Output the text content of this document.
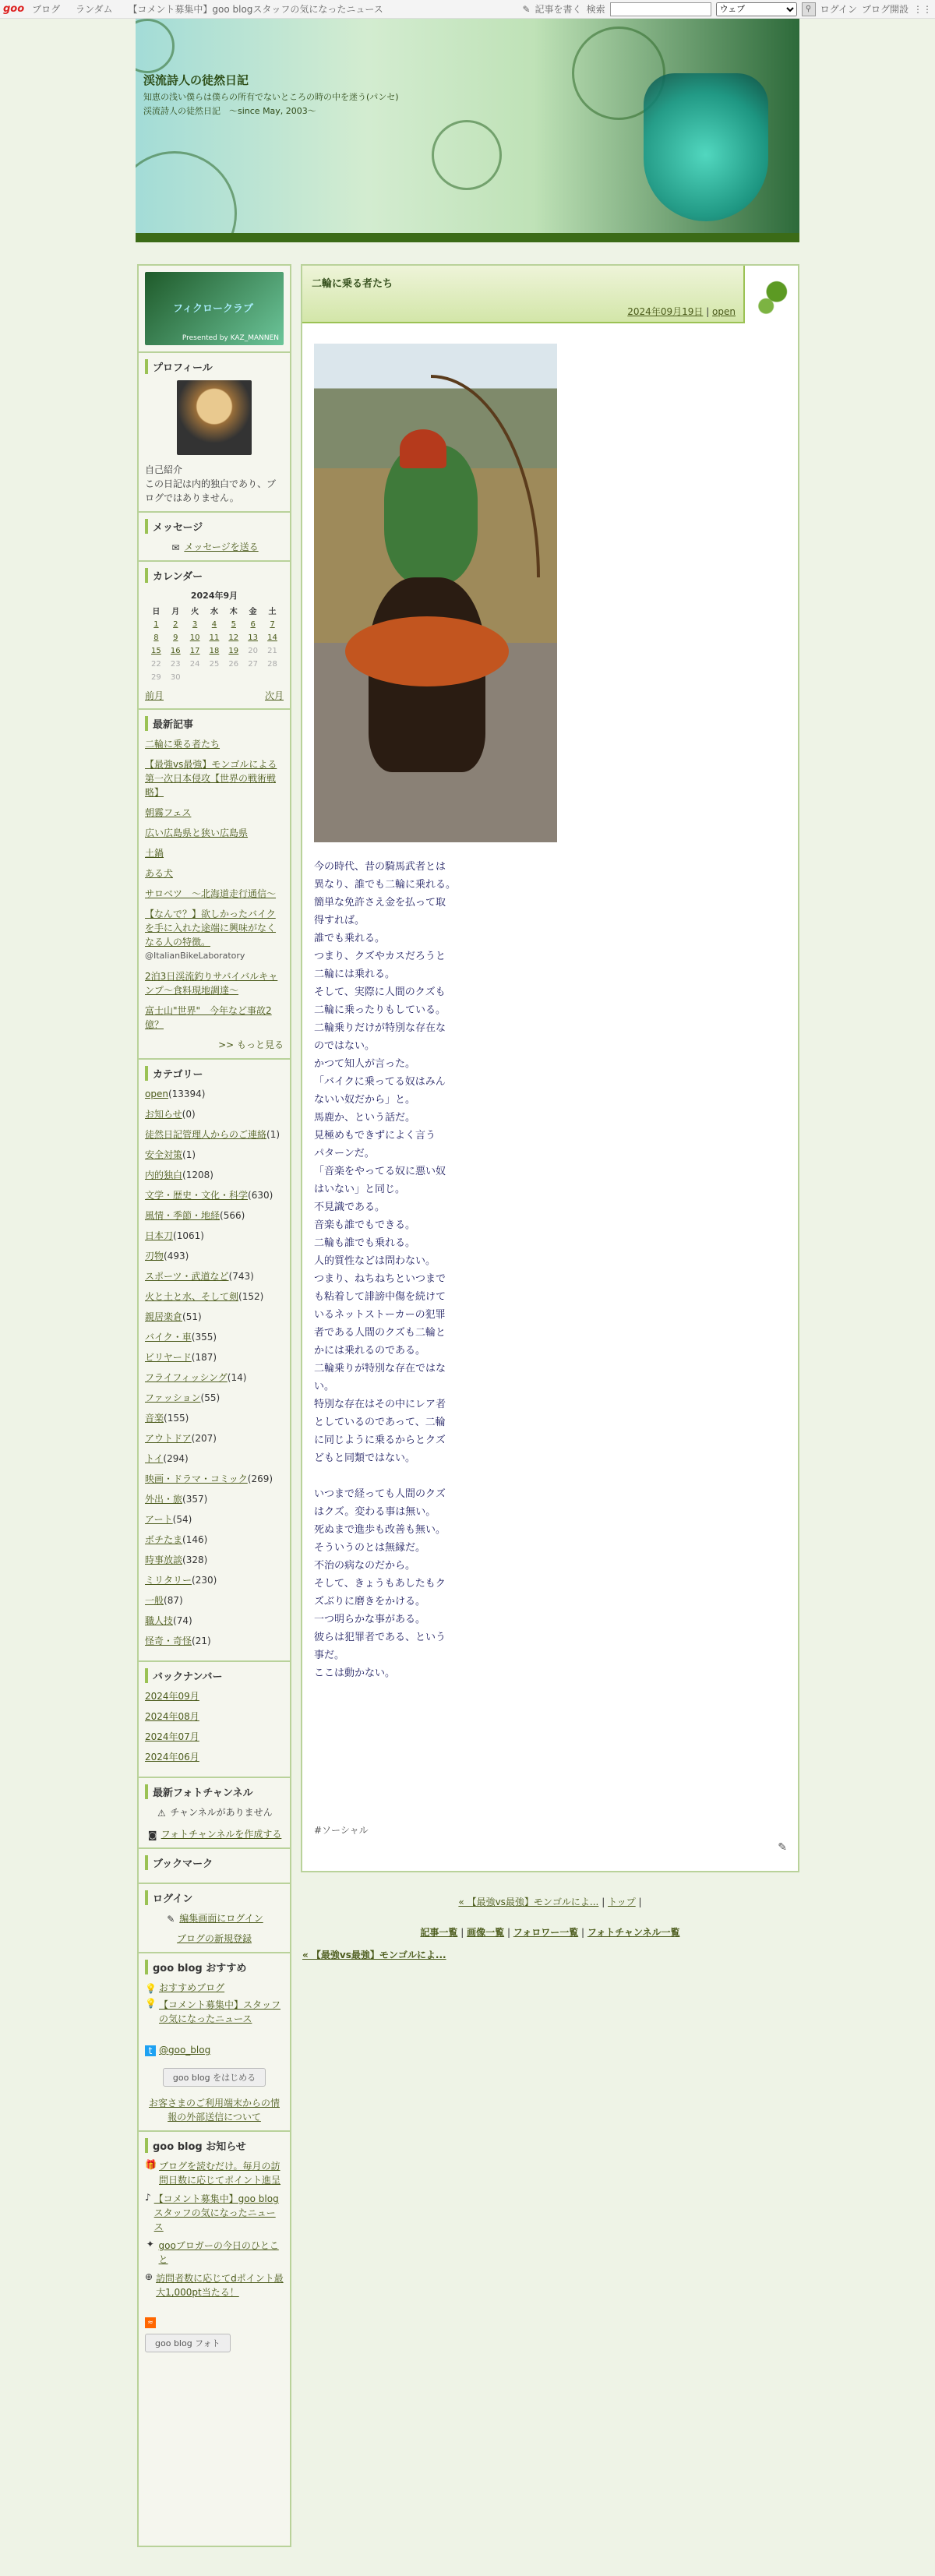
goo ブログ ランダム 【コメント募集中】goo blogスタッフの気になったニュース	✎ 記事を書く 検索
ウェブ	⚲ ログイン ブログ開設 ⋮⋮
渓流詩人の徒然日記

知恵の浅い僕らは僕らの所有でないところの時の中を迷う(パンセ)　渓流詩人の徒然日記　～since May, 2003～

フィクロークラブ
Presented by KAZ_MANNEN
プロフィール
自己紹介
この日記は内的独白であり、ブログではありません。
メッセージ
✉ メッセージを送る
カレンダー
2024年9月
日	月	火	水	木	金	土
1	2	3	4	5	6	7
8	9	10	11	12	13	14
15	16	17	18	19	20	21
22	23	24	25	26	27	28
29	30					
前月	次月
最新記事
二輪に乗る者たち
【最強vs最強】モンゴルによる第一次日本侵攻【世界の戦術戦略】
朝霧フェス
広い広島県と狭い広島県
土鍋
ある犬
サロベツ　～北海道走行通信～
【なんで？】欲しかったバイクを手に入れた途端に興味がなくなる人の特徴。
@ItalianBikeLaboratory
2泊3日渓流釣りサバイバルキャンプ～食料現地調達～
富士山"世界"　今年など事故2億？
>> もっと見る
カテゴリー
open(13394)
お知らせ(0)
徒然日記管理人からのご連絡(1)
安全対策(1)
内的独白(1208)
文学・歴史・文化・科学(630)
風情・季節・地経(566)
日本刀(1061)
刃物(493)
スポーツ・武道など(743)
火と土と水、そして剣(152)
親居楽倉(51)
バイク・車(355)
ビリヤード(187)
フライフィッシング(14)
ファッション(55)
音楽(155)
アウトドア(207)
トイ(294)
映画・ドラマ・コミック(269)
外出・旅(357)
アート(54)
ボチたま(146)
時事放談(328)
ミリタリー(230)
一般(87)
職人技(74)
怪奇・奇怪(21)
バックナンバー
2024年09月
2024年08月
2024年07月
2024年06月
最新フォトチャンネル
⚠ チャンネルがありません
◙ フォトチャンネルを作成する
ブックマーク
ログイン
✎ 編集画面にログイン
ブログの新規登録
goo blog おすすめ
💡 おすすめブログ
💡 【コメント募集中】スタッフの気になったニュース
t @goo_blog
goo blog をはじめる
お客さまのご利用端末からの情報の外部送信について
goo blog お知らせ
🎁 ブログを読むだけ。毎月の訪問日数に応じてポイント進呈
♪ 【コメント募集中】goo blogスタッフの気になったニュース
✦ gooブロガーの今日のひとこと
⊕ 訪問者数に応じてdポイント最大1,000pt当たる！
≈
goo blog フォト
二輪に乗る者たち
2024年09月19日 | open
今の時代、昔の騎馬武者とは
異なり、誰でも二輪に乗れる。
簡単な免許さえ金を払って取
得すれば。
誰でも乗れる。
つまり、クズやカスだろうと
二輪には乗れる。
そして、実際に人間のクズも
二輪に乗ったりもしている。
二輪乗りだけが特別な存在な
のではない。
かつて知人が言った。
「バイクに乗ってる奴はみん
ないい奴だから」と。
馬鹿か、という話だ。
見極めもできずによく言う
パターンだ。
「音楽をやってる奴に悪い奴
はいない」と同じ。
不見識である。
音楽も誰でもできる。
二輪も誰でも乗れる。
人的質性などは問わない。
つまり、ねちねちといつまで
も粘着して誹謗中傷を続けて
いるネットストーカーの犯罪
者である人間のクズも二輪と
かには乗れるのである。
二輪乗りが特別な存在ではな
い。
特別な存在はその中にレア者
としているのであって、二輪
に同じように乗るからとクズ
どもと同類ではない。

いつまで経っても人間のクズ
はクズ。変わる事は無い。
死ぬまで進歩も改善も無い。
そういうのとは無縁だ。
不治の病なのだから。
そして、きょうもあしたもク
ズぶりに磨きをかける。
一つ明らかな事がある。
彼らは犯罪者である、という
事だ。
ここは動かない。
#ソーシャル
✎
« 【最強vs最強】モンゴルによ... | トップ |
記事一覧 | 画像一覧 | フォロワー一覧 | フォトチャンネル一覧
« 【最強vs最強】モンゴルによ...
